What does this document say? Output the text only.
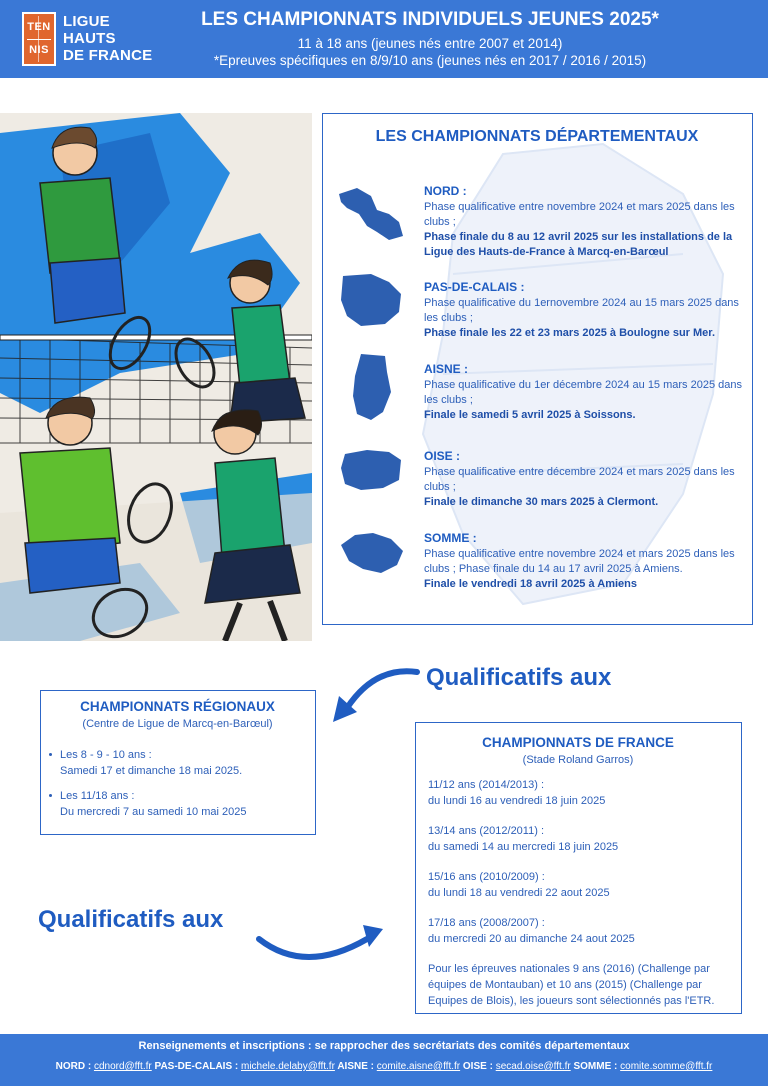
TEN
NIS
LIGUE
HAUTS
DE FRANCE
LES CHAMPIONNATS INDIVIDUELS JEUNES 2025*
11 à 18 ans (jeunes nés entre 2007 et 2014)
*Epreuves spécifiques en 8/9/10 ans (jeunes nés en 2017 / 2016 / 2015)
LES CHAMPIONNATS DÉPARTEMENTAUX
NORD :
Phase qualificative entre novembre 2024 et mars 2025 dans les clubs ;
Phase finale du 8 au 12 avril 2025 sur les installations de la Ligue des Hauts-de-France à Marcq-en-Barœul
PAS-DE-CALAIS :
Phase qualificative du 1ernovembre 2024 au 15 mars 2025 dans les clubs ;
Phase finale les 22 et 23 mars 2025 à Boulogne sur Mer.
AISNE :
Phase qualificative du 1er décembre 2024 au 15 mars 2025 dans les clubs ;
Finale le samedi 5 avril 2025 à Soissons.
OISE :
Phase qualificative entre décembre 2024 et mars 2025 dans les clubs ;
Finale le dimanche 30 mars 2025 à Clermont.
SOMME :
Phase qualificative entre novembre 2024 et mars 2025 dans les clubs ; Phase finale du 14 au 17 avril 2025 à Amiens.
Finale le vendredi 18 avril 2025 à Amiens
Qualificatifs aux
CHAMPIONNATS RÉGIONAUX
(Centre de Ligue de Marcq-en-Barœul)
Les 8 - 9 - 10 ans :
Samedi 17 et dimanche 18 mai 2025.
Les 11/18 ans :
Du mercredi 7 au samedi 10 mai 2025
Qualificatifs aux
CHAMPIONNATS DE FRANCE
(Stade Roland Garros)
11/12 ans (2014/2013) :
du lundi 16 au vendredi 18 juin 2025
13/14 ans (2012/2011) :
du samedi 14 au mercredi 18 juin 2025
15/16 ans (2010/2009) :
du lundi 18 au vendredi 22 aout 2025
17/18 ans (2008/2007) :
du mercredi 20 au dimanche 24 aout 2025
Pour les épreuves nationales 9 ans (2016) (Challenge par équipes de Montauban) et 10 ans (2015) (Challenge par Equipes de Blois), les joueurs sont sélectionnés pas l'ETR.
Renseignements et inscriptions : se rapprocher des secrétariats des comités départementaux
NORD : cdnord@fft.fr PAS-DE-CALAIS : michele.delaby@fft.fr AISNE : comite.aisne@fft.fr OISE : secad.oise@fft.fr SOMME : comite.somme@fft.fr
